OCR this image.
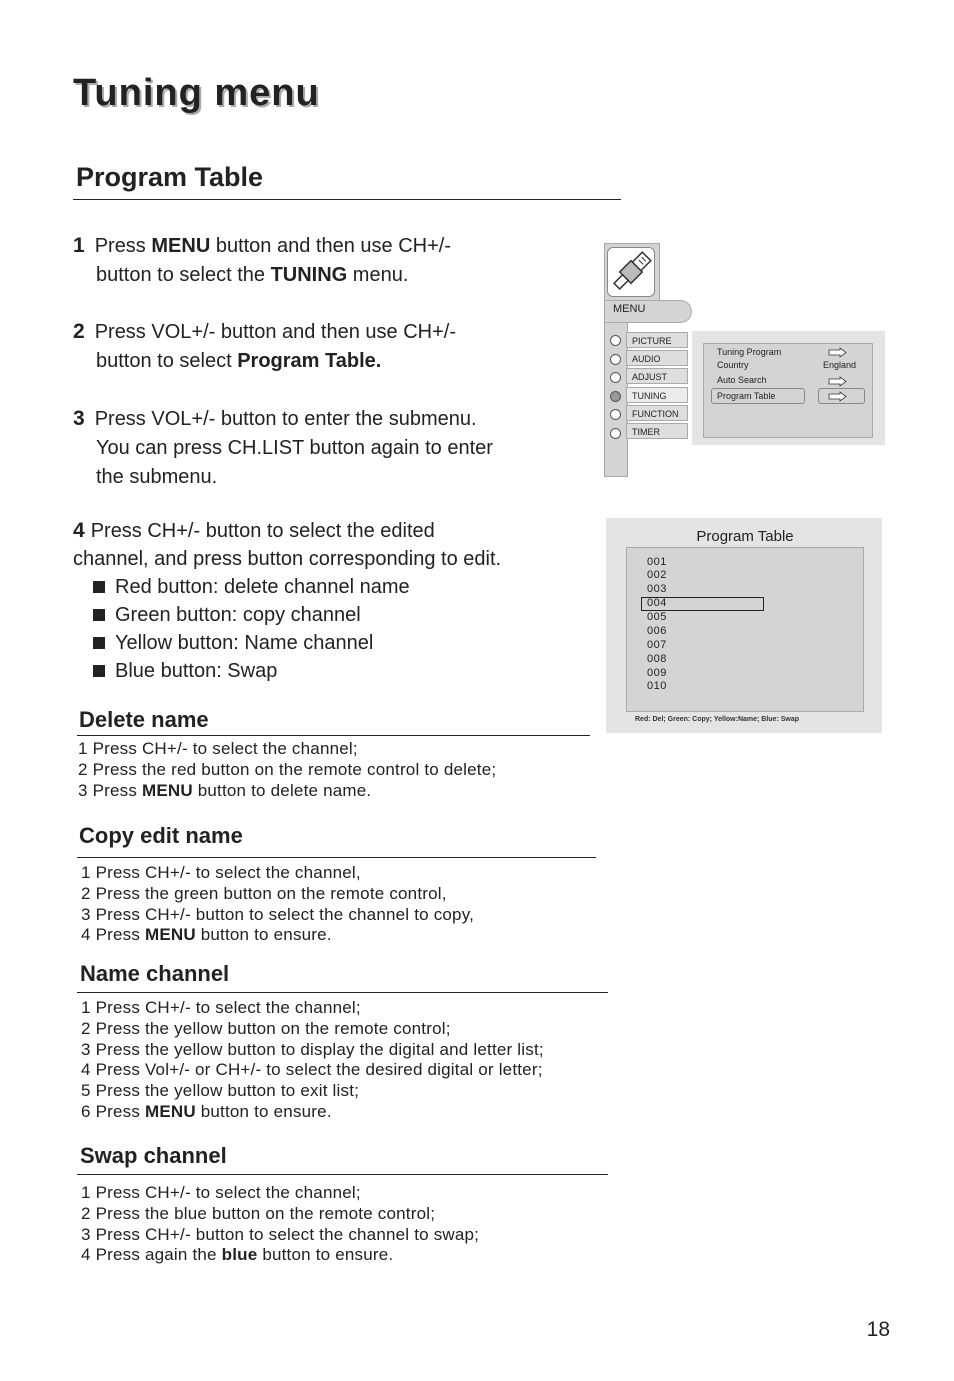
Tuning menu
Program Table
1 Press MENU button and then use CH+/-
button to select the TUNING menu.
2 Press VOL+/- button and then use CH+/-
button to select Program Table.
3 Press VOL+/- button to enter the submenu.
You can press CH.LIST button again to enter
the submenu.
4 Press CH+/- button to select the edited
channel, and press button corresponding to edit.
Red button: delete channel name
Green button: copy channel
Yellow button: Name channel
Blue button: Swap
Delete name
1 Press CH+/- to select the channel;
2 Press the red button on the remote control to delete;
3 Press MENU button to delete name.
Copy edit name
1 Press CH+/- to select the channel,
2 Press the green button on the remote control,
3 Press CH+/- button to select the channel to copy,
4 Press MENU button to ensure.
Name channel
1 Press CH+/- to select the channel;
2 Press the yellow button on the remote control;
3 Press the yellow button to display the digital and letter list;
4 Press Vol+/- or CH+/- to select the desired digital or letter;
5 Press the yellow button to exit list;
6 Press MENU button to ensure.
Swap channel
1 Press CH+/- to select the channel;
2 Press the blue button on the remote control;
3 Press CH+/- button to select the channel to swap;
4 Press again the blue button to ensure.
MENU
PICTURE
AUDIO
ADJUST
TUNING
FUNCTION
TIMER
Tuning Program
Country	England
Auto Search
Program Table
Program Table
001
002
003
004
005
006
007
008
009
010
Red: Del; Green: Copy; Yellow:Name; Blue: Swap
18
